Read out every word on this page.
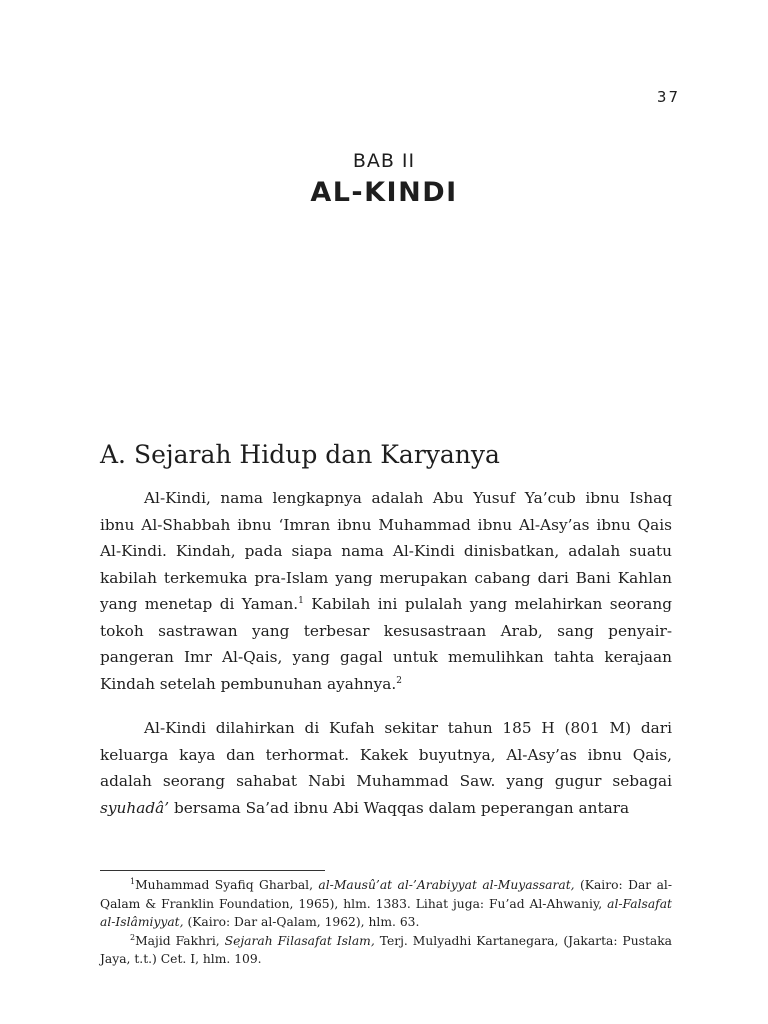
37
BAB II
AL-KINDI
A. Sejarah Hidup dan Karyanya

Al-Kindi, nama lengkapnya adalah Abu Yusuf Ya’cub ibnu Ishaq ibnu Al-Shabbah ibnu ‘Imran ibnu Muhammad ibnu Al-Asy’as ibnu Qais Al-Kindi. Kindah, pada siapa nama Al-Kindi dinisbatkan, adalah suatu kabilah terkemuka pra-Islam yang merupakan cabang dari Bani Kahlan yang menetap di Yaman.$^1$ Kabilah ini pulalah yang melahirkan seorang tokoh sastrawan yang terbesar kesusastraan Arab, sang penyair-pangeran Imr Al-Qais, yang gagal untuk memulihkan tahta kerajaan Kindah setelah pembunuhan ayahnya.$^2$

Al-Kindi dilahirkan di Kufah sekitar tahun 185 H (801 M) dari keluarga kaya dan terhormat. Kakek buyutnya, Al-Asy’as ibnu Qais, adalah seorang sahabat Nabi Muhammad Saw. yang gugur sebagai syuhadâ’ bersama Sa’ad ibnu Abi Waqqas dalam peperangan antara

$^1$Muhammad Syafiq Gharbal, al-Mausû’at al-’Arabiyyat al-Muyassarat, (Kairo: Dar al-Qalam & Franklin Foundation, 1965), hlm. 1383. Lihat juga: Fu’ad Al-Ahwaniy, al-Falsafat al-Islâmiyyat, (Kairo: Dar al-Qalam, 1962), hlm. 63.

$^2$Majid Fakhri, Sejarah Filasafat Islam, Terj. Mulyadhi Kartanegara, (Jakarta: Pustaka Jaya, t.t.) Cet. I, hlm. 109.
